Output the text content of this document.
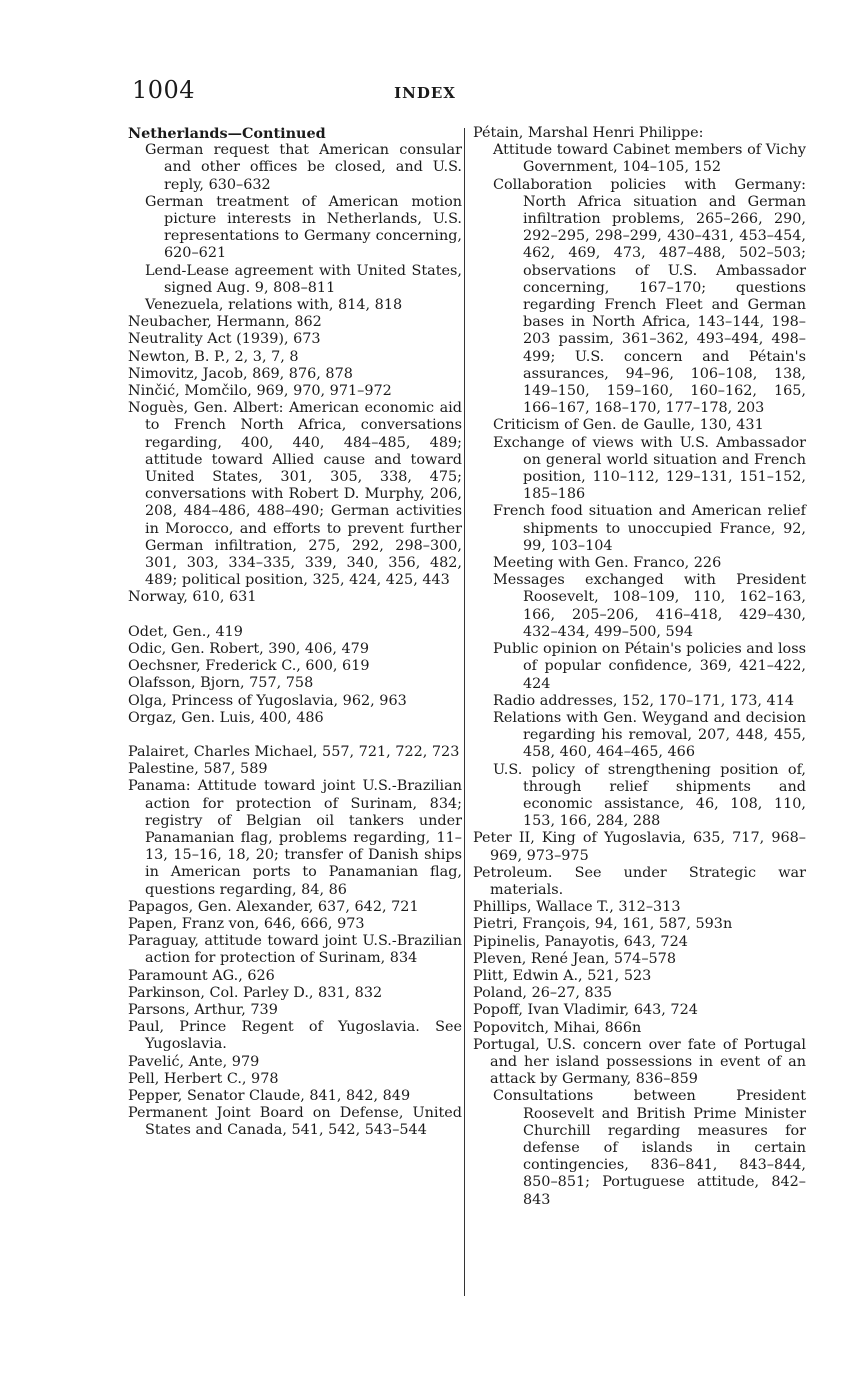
1004	INDEX

Netherlands—Continued

German request that American consular and other offices be closed, and U.S. reply, 630–632

German treatment of American motion picture interests in Netherlands, U.S. representations to Germany concerning, 620–621

Lend-Lease agreement with United States, signed Aug. 9, 808–811

Venezuela, relations with, 814, 818

Neubacher, Hermann, 862

Neutrality Act (1939), 673

Newton, B. P., 2, 3, 7, 8

Nimovitz, Jacob, 869, 876, 878

Ninčić, Momčilo, 969, 970, 971–972

Noguès, Gen. Albert: American economic aid to French North Africa, conversations regarding, 400, 440, 484–485, 489; attitude toward Allied cause and toward United States, 301, 305, 338, 475; conversations with Robert D. Murphy, 206, 208, 484–486, 488–490; German activities in Morocco, and efforts to prevent further German infiltration, 275, 292, 298–300, 301, 303, 334–335, 339, 340, 356, 482, 489; political position, 325, 424, 425, 443

Norway, 610, 631

Odet, Gen., 419

Odic, Gen. Robert, 390, 406, 479

Oechsner, Frederick C., 600, 619

Olafsson, Bjorn, 757, 758

Olga, Princess of Yugoslavia, 962, 963

Orgaz, Gen. Luis, 400, 486

Palairet, Charles Michael, 557, 721, 722, 723

Palestine, 587, 589

Panama: Attitude toward joint U.S.-Brazilian action for protection of Surinam, 834; registry of Belgian oil tankers under Panamanian flag, problems regarding, 11–13, 15–16, 18, 20; transfer of Danish ships in American ports to Panamanian flag, questions regarding, 84, 86

Papagos, Gen. Alexander, 637, 642, 721

Papen, Franz von, 646, 666, 973

Paraguay, attitude toward joint U.S.-Brazilian action for protection of Surinam, 834

Paramount AG., 626

Parkinson, Col. Parley D., 831, 832

Parsons, Arthur, 739

Paul, Prince Regent of Yugoslavia. See Yugoslavia.

Pavelić, Ante, 979

Pell, Herbert C., 978

Pepper, Senator Claude, 841, 842, 849

Permanent Joint Board on Defense, United States and Canada, 541, 542, 543–544

Pétain, Marshal Henri Philippe:

Attitude toward Cabinet members of Vichy Government, 104–105, 152

Collaboration policies with Germany: North Africa situation and German infiltration problems, 265–266, 290, 292–295, 298–299, 430–431, 453–454, 462, 469, 473, 487–488, 502–503; observations of U.S. Ambassador concerning, 167–170; questions regarding French Fleet and German bases in North Africa, 143–144, 198–203 passim, 361–362, 493–494, 498–499; U.S. concern and Pétain's assurances, 94–96, 106–108, 138, 149–150, 159–160, 160–162, 165, 166–167, 168–170, 177–178, 203

Criticism of Gen. de Gaulle, 130, 431

Exchange of views with U.S. Ambassador on general world situation and French position, 110–112, 129–131, 151–152, 185–186

French food situation and American relief shipments to unoccupied France, 92, 99, 103–104

Meeting with Gen. Franco, 226

Messages exchanged with President Roosevelt, 108–109, 110, 162–163, 166, 205–206, 416–418, 429–430, 432–434, 499–500, 594

Public opinion on Pétain's policies and loss of popular confidence, 369, 421–422, 424

Radio addresses, 152, 170–171, 173, 414

Relations with Gen. Weygand and decision regarding his removal, 207, 448, 455, 458, 460, 464–465, 466

U.S. policy of strengthening position of, through relief shipments and economic assistance, 46, 108, 110, 153, 166, 284, 288

Peter II, King of Yugoslavia, 635, 717, 968–969, 973–975

Petroleum. See under Strategic war materials.

Phillips, Wallace T., 312–313

Pietri, François, 94, 161, 587, 593n

Pipinelis, Panayotis, 643, 724

Pleven, René Jean, 574–578

Plitt, Edwin A., 521, 523

Poland, 26–27, 835

Popoff, Ivan Vladimir, 643, 724

Popovitch, Mihai, 866n

Portugal, U.S. concern over fate of Portugal and her island possessions in event of an attack by Germany, 836–859

Consultations between President Roosevelt and British Prime Minister Churchill regarding measures for defense of islands in certain contingencies, 836–841, 843–844, 850–851; Portuguese attitude, 842–843
